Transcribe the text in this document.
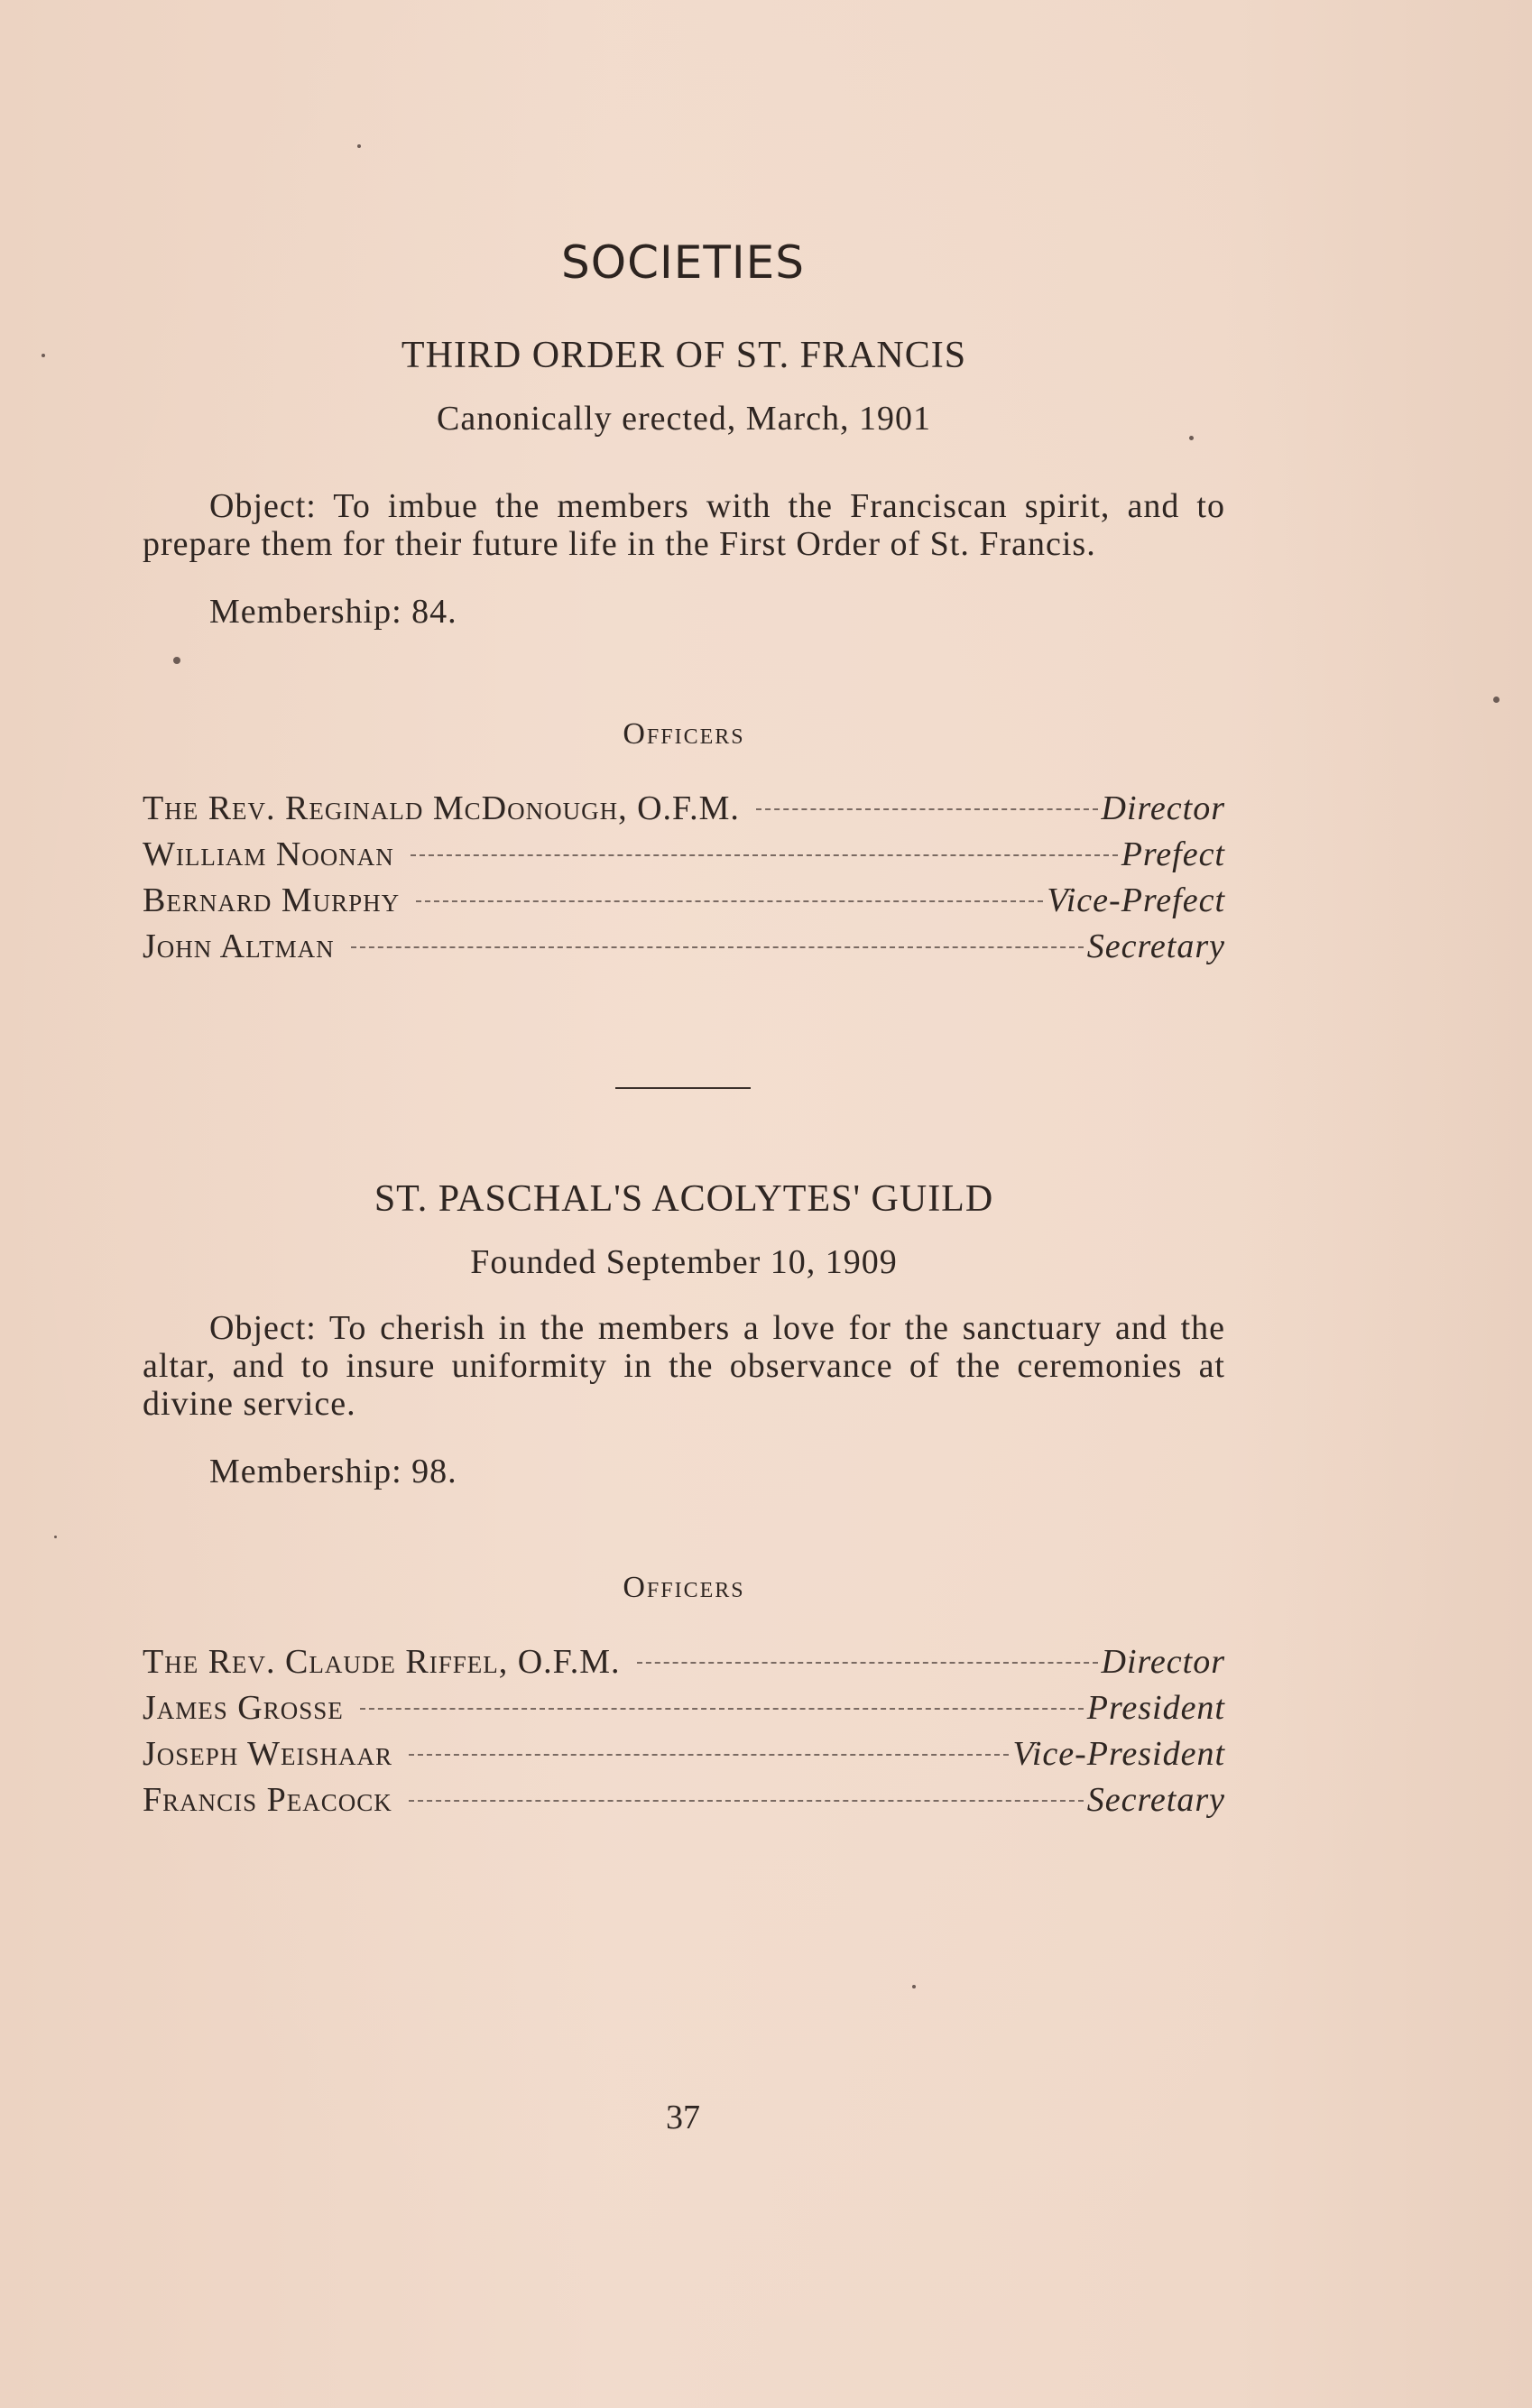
SOCIETIES
THIRD ORDER OF ST. FRANCIS
Canonically erected, March, 1901
Object: To imbue the members with the Franciscan spirit, and to prepare them for their future life in the First Order of St. Francis.
Membership: 84.
Officers
The Rev. Reginald McDonough, O.F.M.	Director
William Noonan	Prefect
Bernard Murphy	Vice-Prefect
John Altman	Secretary
ST. PASCHAL'S ACOLYTES' GUILD
Founded September 10, 1909
Object: To cherish in the members a love for the sanctuary and the altar, and to insure uniformity in the observance of the ceremonies at divine service.
Membership: 98.
Officers
The Rev. Claude Riffel, O.F.M.	Director
James Grosse	President
Joseph Weishaar	Vice-President
Francis Peacock	Secretary
37
